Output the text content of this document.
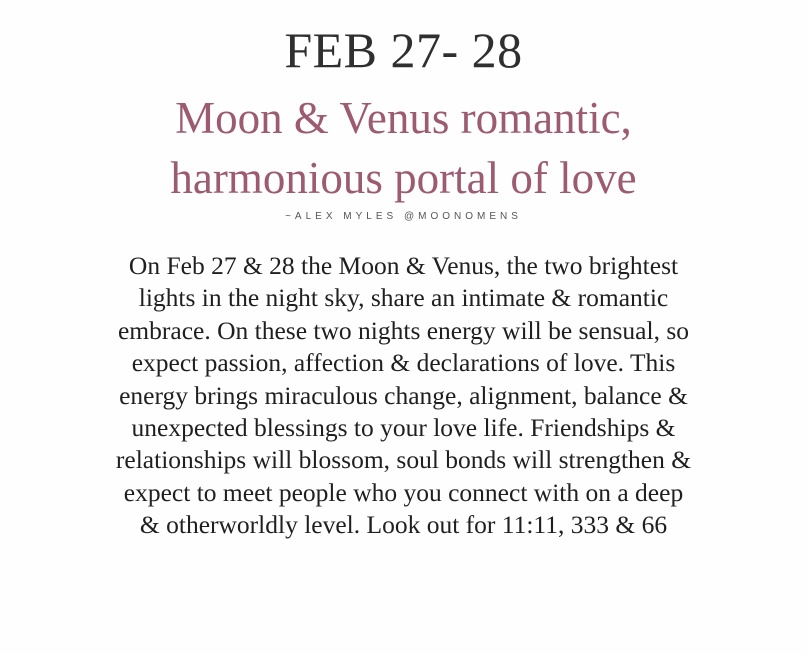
FEB 27- 28
Moon & Venus romantic,
harmonious portal of love
~ALEX MYLES @MOONOMENS
On Feb 27 & 28 the Moon & Venus, the two brightest
lights in the night sky, share an intimate & romantic
embrace. On these two nights energy will be sensual, so
expect passion, affection & declarations of love. This
energy brings miraculous change, alignment, balance &
unexpected blessings to your love life. Friendships &
relationships will blossom, soul bonds will strengthen &
expect to meet people who you connect with on a deep
& otherworldly level. Look out for 11:11, 333 & 66
